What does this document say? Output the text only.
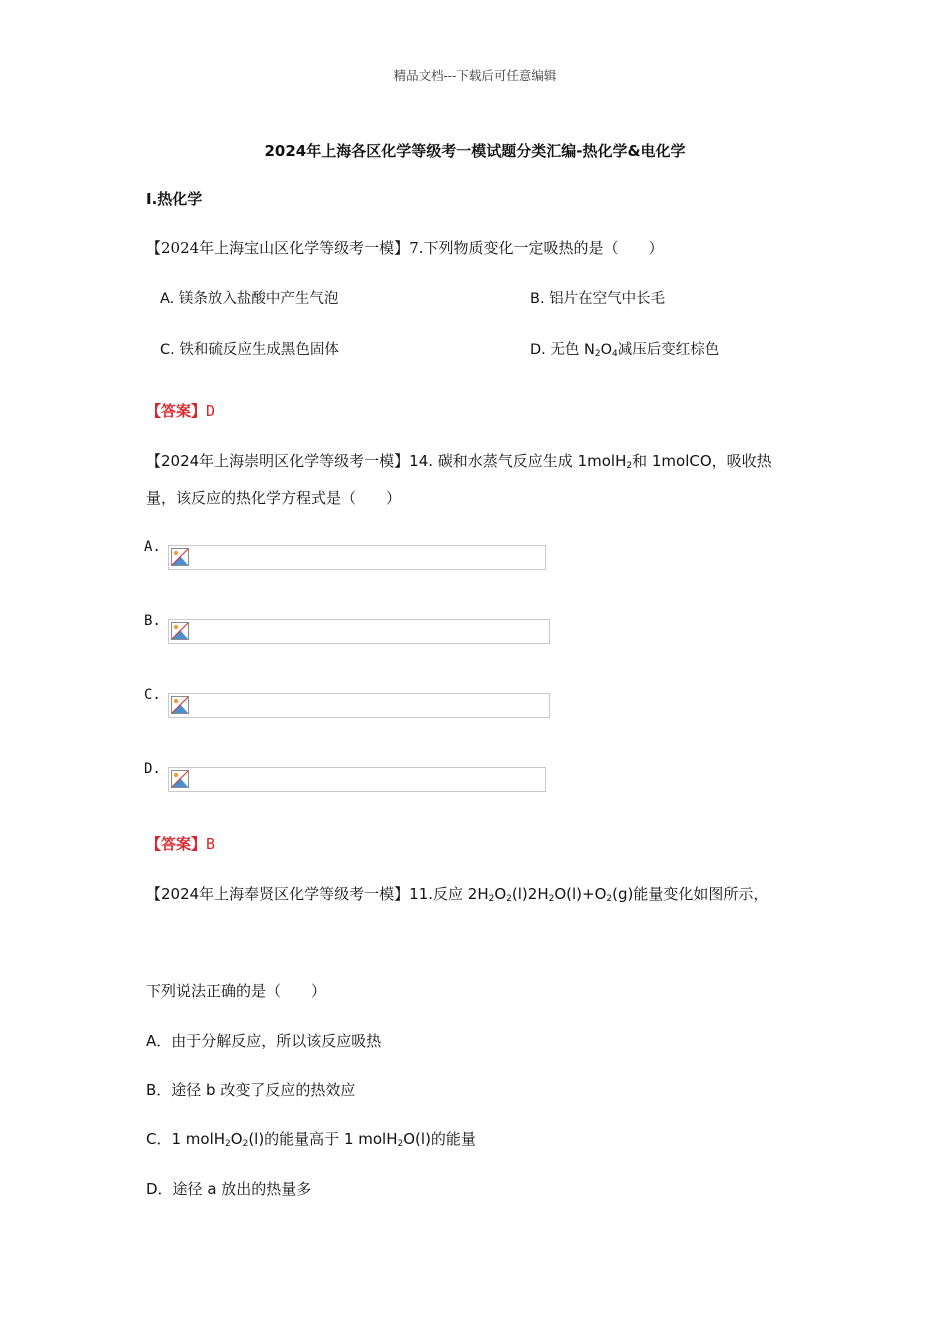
精品文档---下载后可任意编辑
2024年上海各区化学等级考一模试题分类汇编-热化学&电化学
Ⅰ.热化学
【2024年上海宝山区化学等级考一模】7.下列物质变化一定吸热的是（　　）
A. 镁条放入盐酸中产生气泡	B. 铝片在空气中长毛
C. 铁和硫反应生成黑色固体	D. 无色 $N_2O_4$减压后变红棕色
【答案】D
【2024年上海崇明区化学等级考一模】14. 碳和水蒸气反应生成 1molH$_2$和 1molCO，吸收热
量，该反应的热化学方程式是（　　）
A.
B.
C.
D.
【答案】B
【2024年上海奉贤区化学等级考一模】11.反应 $2H_2O_2(l)2H_2O(l)+O_2(g)$能量变化如图所示，
下列说法正确的是（　　）
A．由于分解反应，所以该反应吸热
B．途径 b 改变了反应的热效应
C．1 $molH_2O_2(l)$的能量高于 1 molH$_2$O(l)的能量
D．途径 a 放出的热量多
